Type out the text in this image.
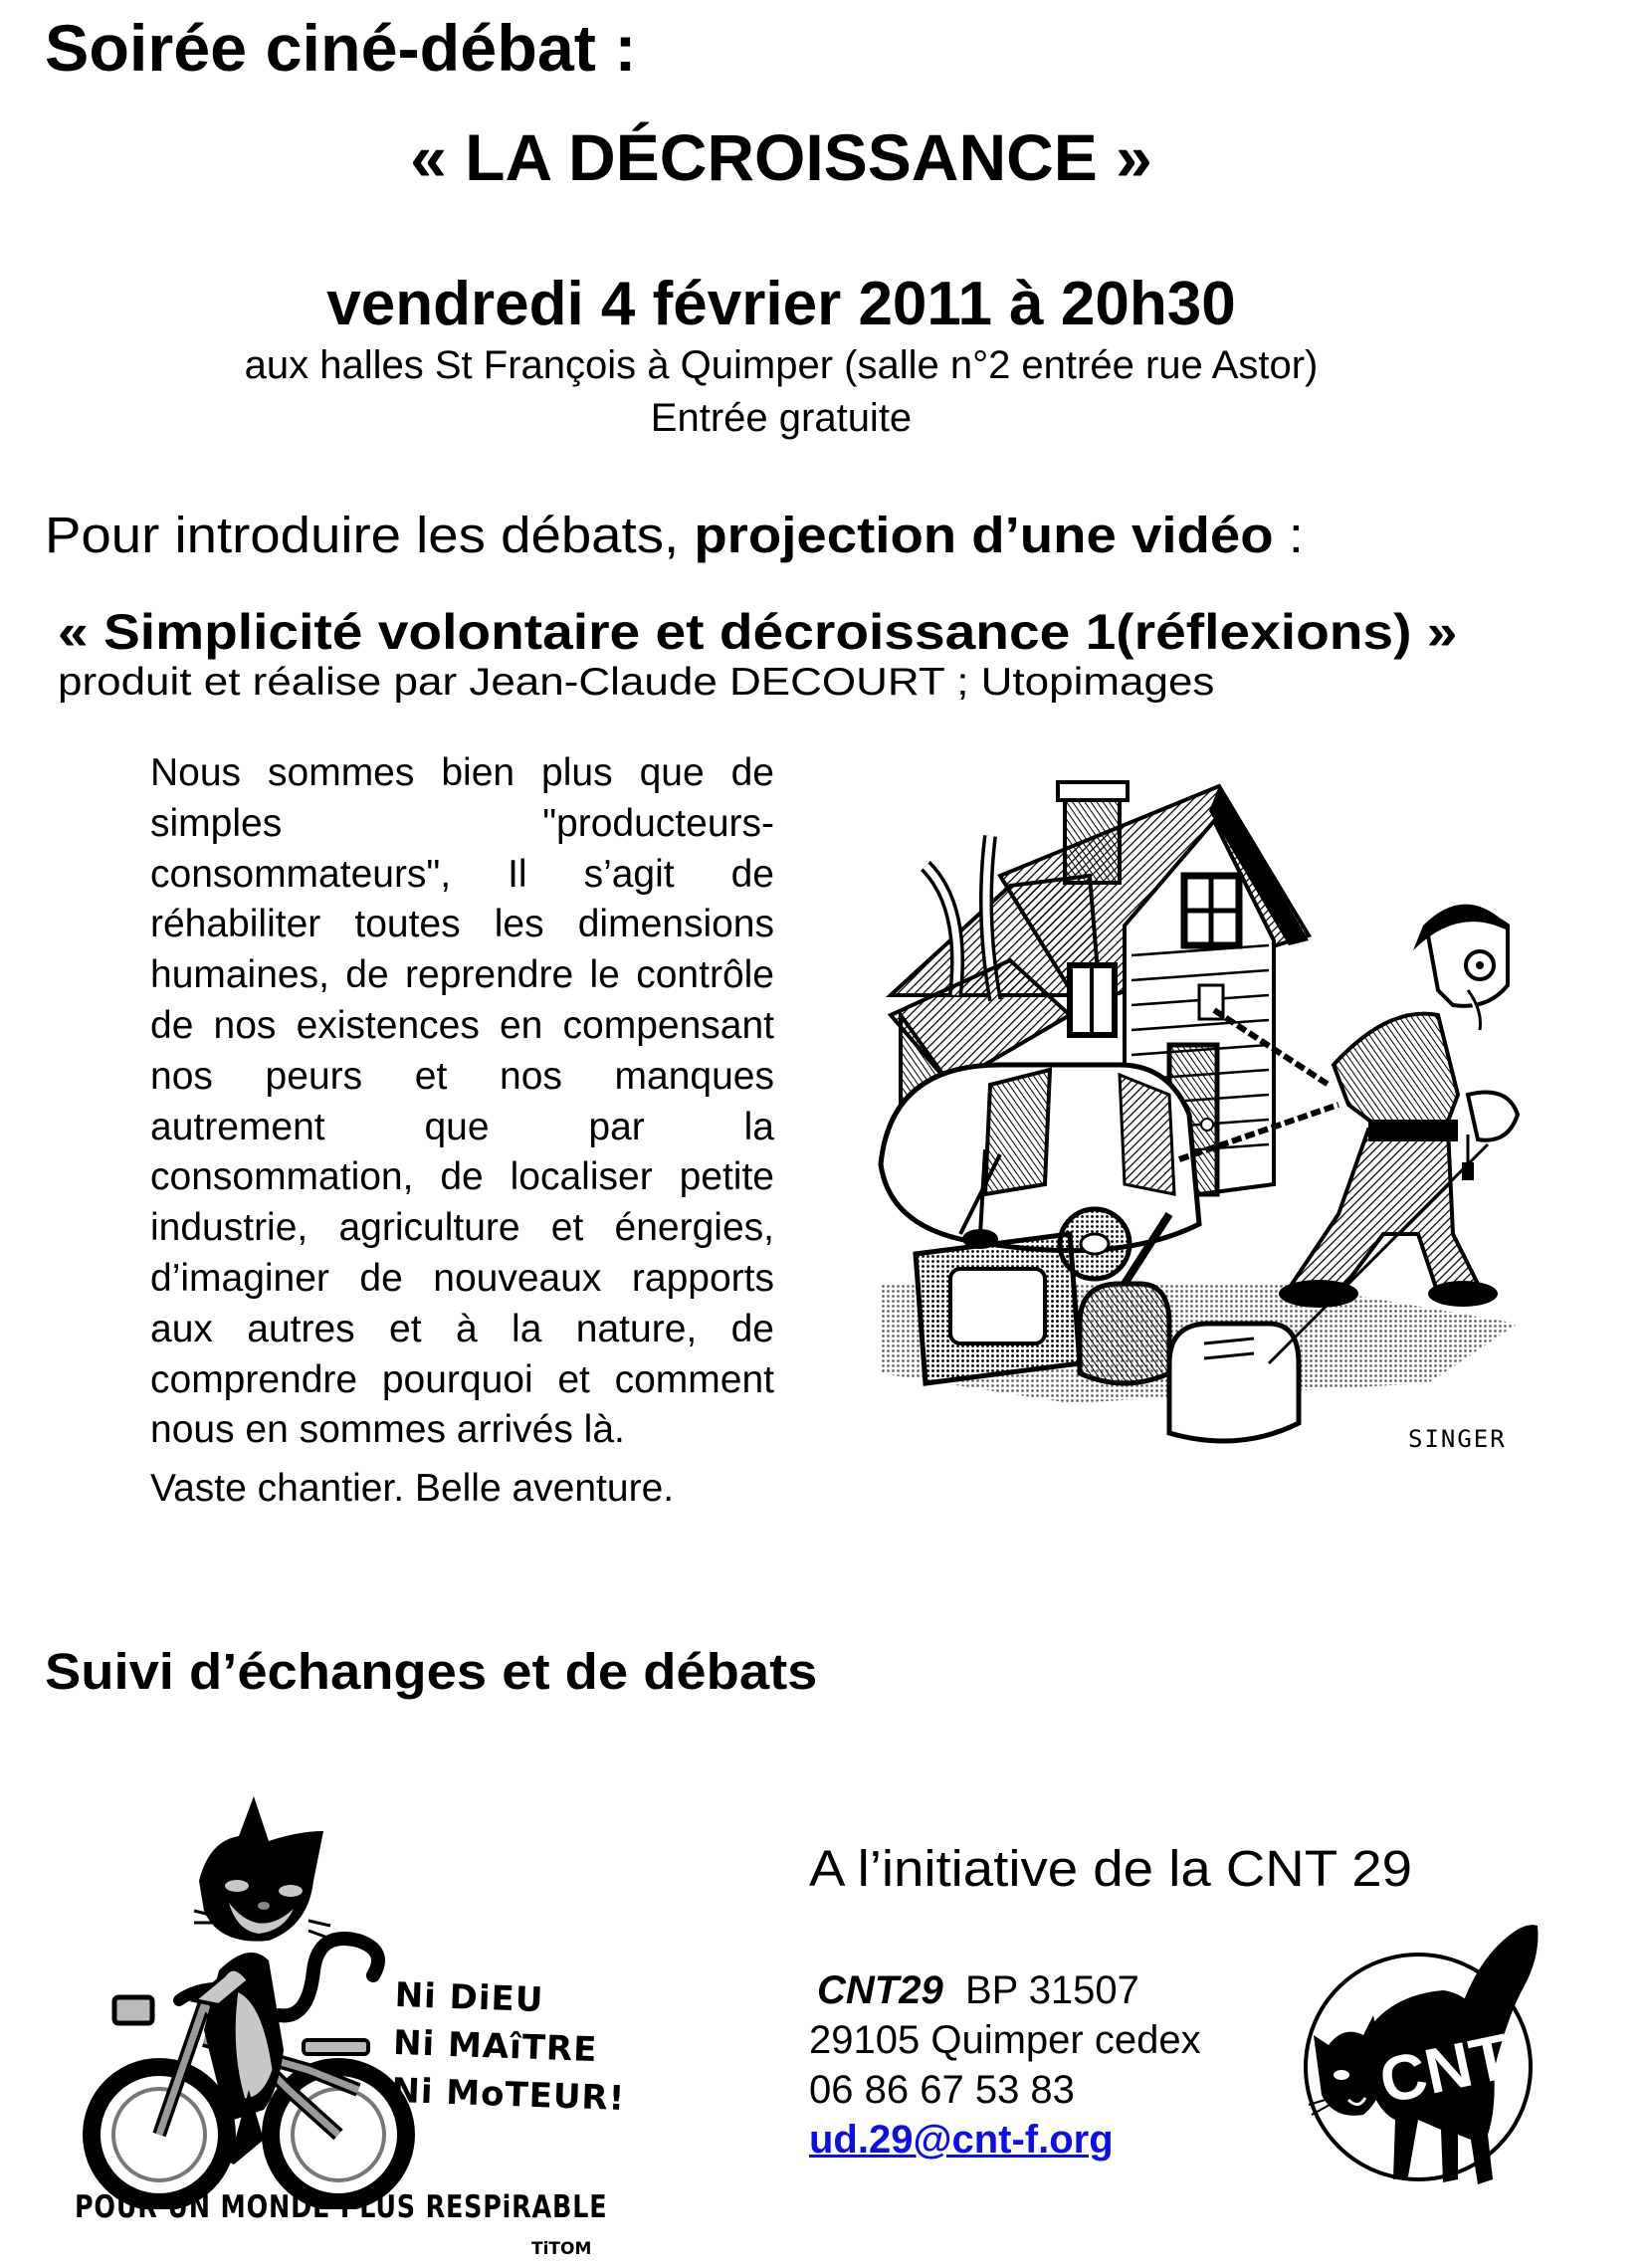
Soirée ciné-débat :
« LA DÉCROISSANCE »
vendredi 4 février 2011 à 20h30
aux halles St François à Quimper (salle n°2 entrée rue Astor)
Entrée gratuite
Pour introduire les débats, projection d’une vidéo :
« Simplicité volontaire et décroissance 1(réflexions) »
produit et réalise par Jean-Claude DECOURT ; Utopimages

Nous sommes bien plus que de simples "producteurs-consommateurs", Il s’agit de réhabiliter toutes les dimensions humaines, de reprendre le contrôle de nos existences en compensant nos peurs et nos manques autrement que par la consommation, de localiser petite industrie, agriculture et énergies, d’imaginer de nouveaux rapports aux autres et à la nature, de comprendre pourquoi et comment nous en sommes arrivés là.

Vaste chantier. Belle aventure.

SINGER
Suivi d’échanges et de débats
Ni DiEU
Ni MAîTRE
Ni MoTEUR!
POUR UN MONDE PLUS RESPiRABLE
TiTOM
A l’initiative de la CNT 29
CNT29 BP 31507
29105 Quimper cedex
06 86 67 53 83
ud.29@cnt-f.org
CNT
